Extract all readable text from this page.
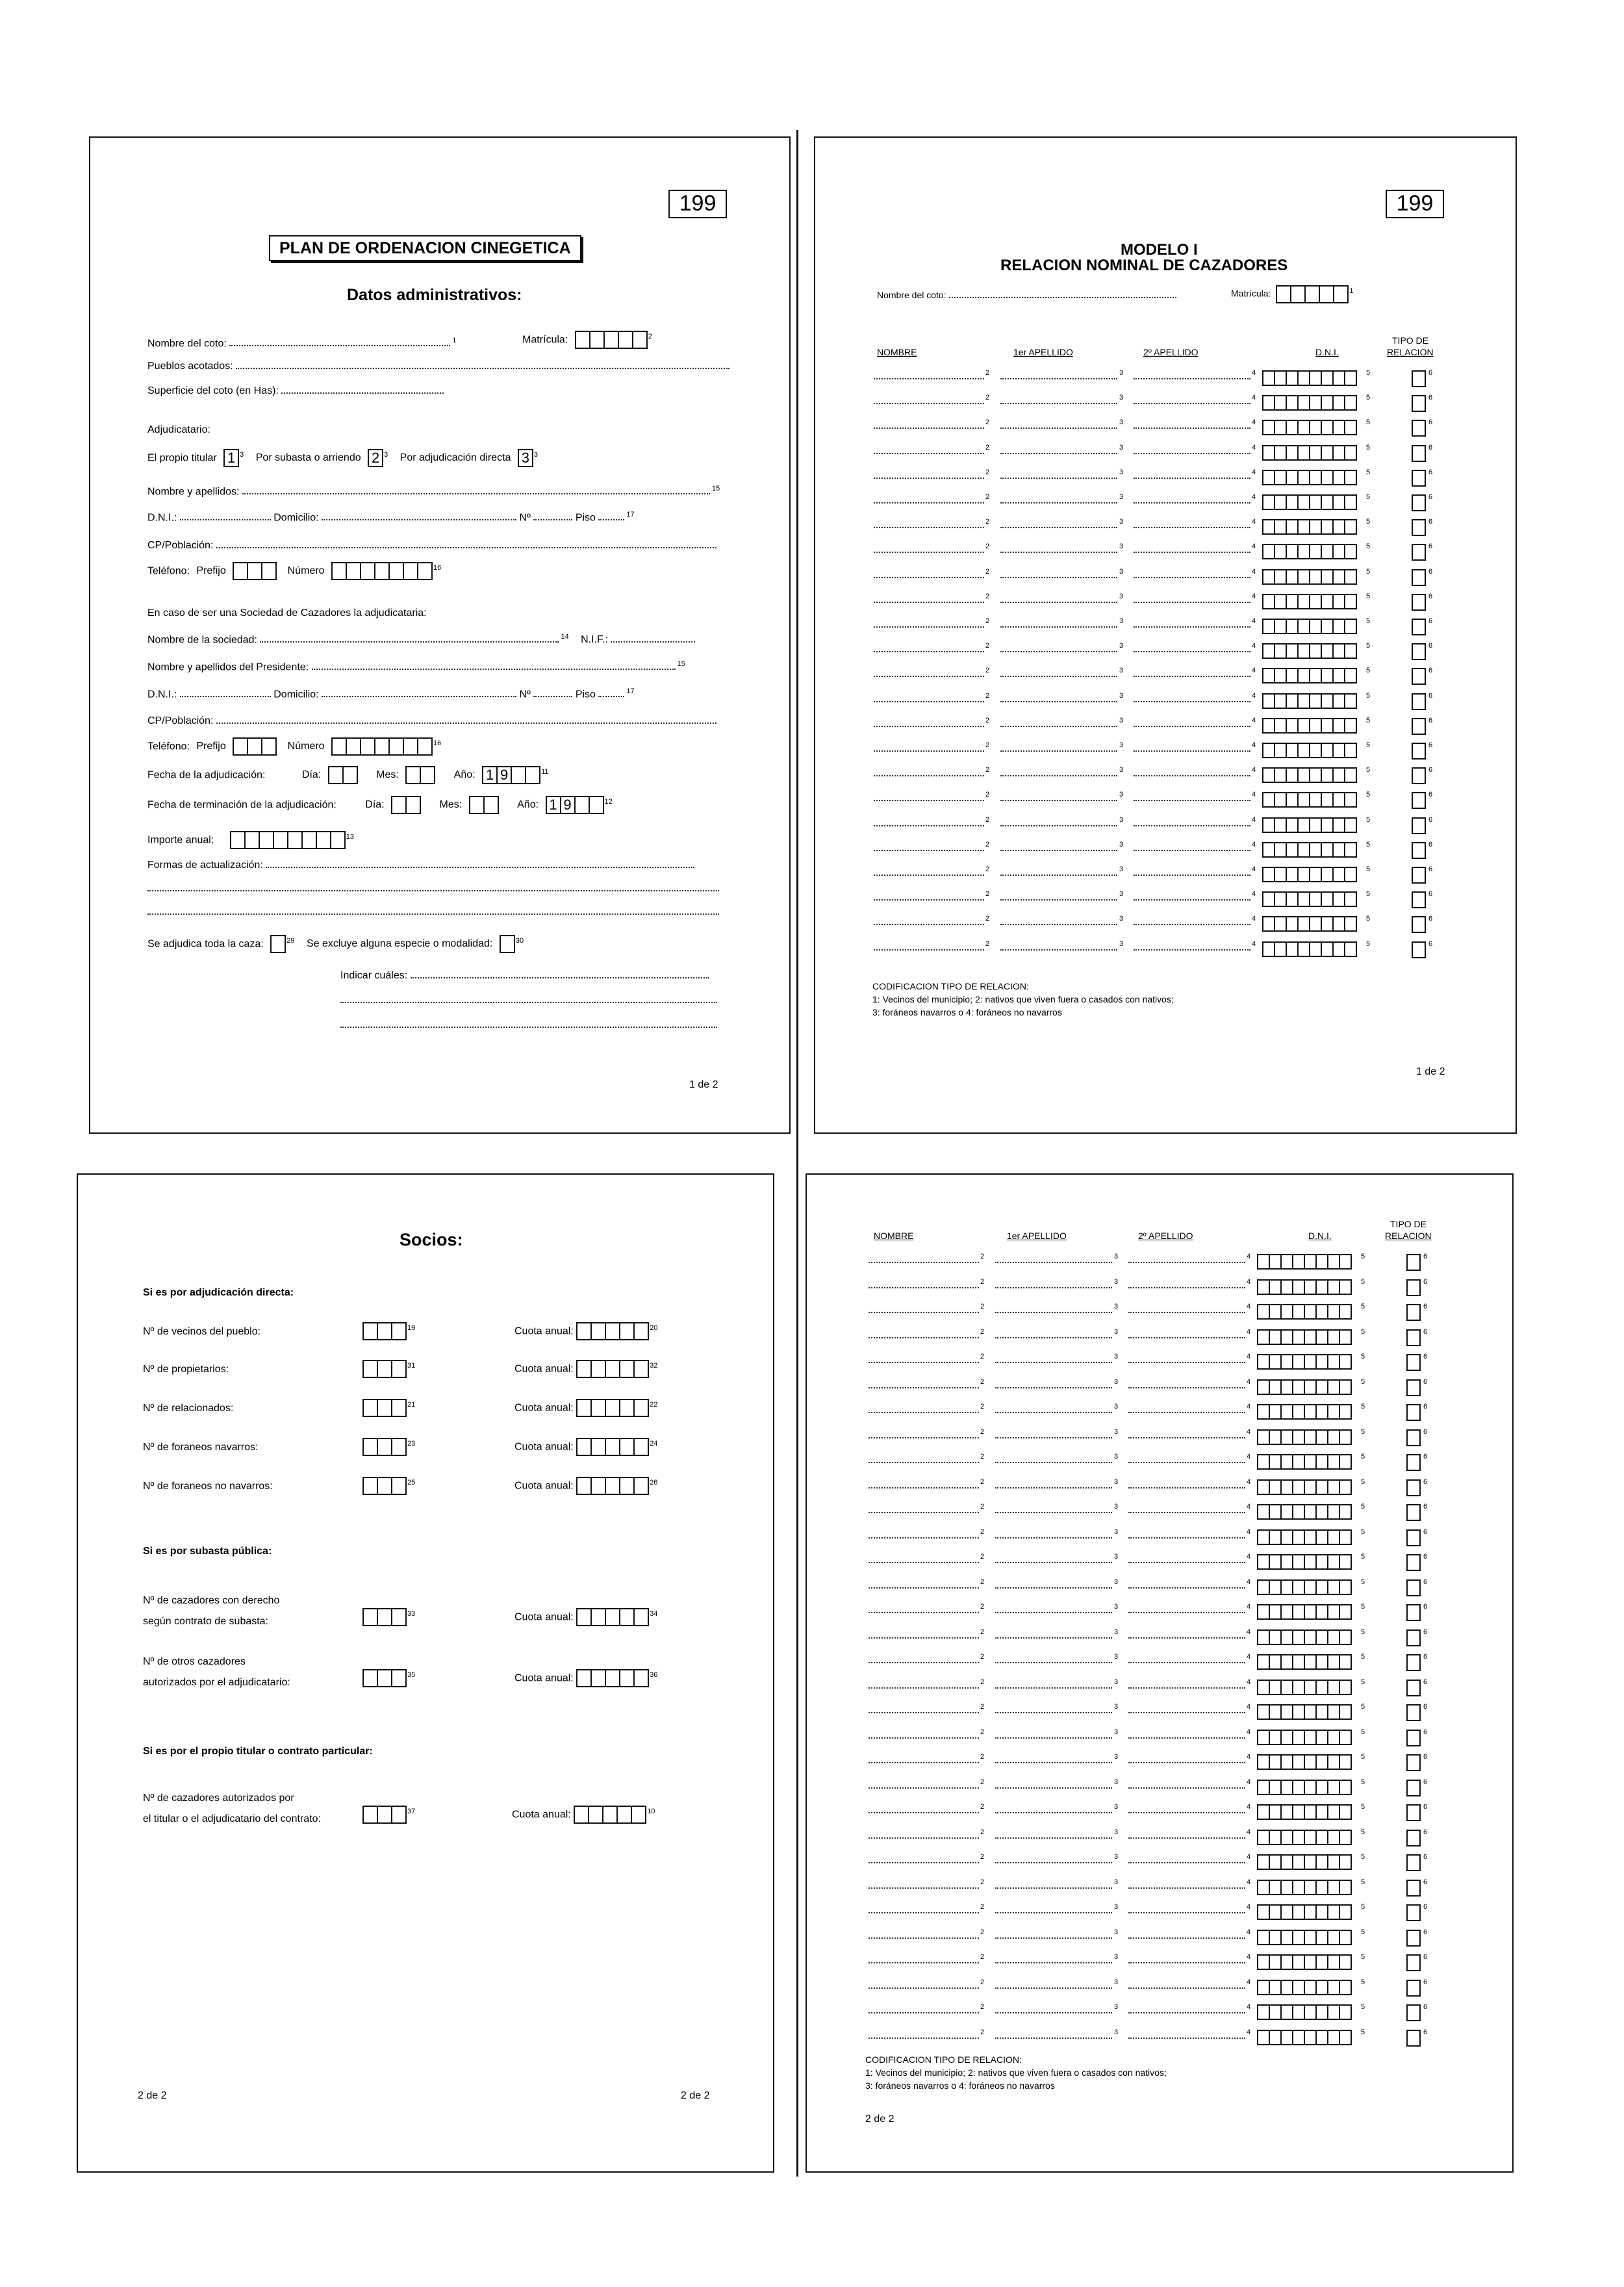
199
PLAN DE ORDENACION CINEGETICA
Datos administrativos:
Nombre del coto:	$^1$	Matrícula:	$^2$
Pueblos acotados:
Superficie del coto (en Has):
Adjudicatario:
El propio titular 1 $^3$ Por subasta o arriendo 2 $^3$ Por adjudicación directa 3 $^3$
Nombre y apellidos:	$^{15}$
D.N.I.:	Domicilio:	Nº	Piso	$^{17}$
CP/Población:
Teléfono: Prefijo	Número	$^{16}$
En caso de ser una Sociedad de Cazadores la adjudicataria:
Nombre de la sociedad:	$^{14}$ N.I.F.:
Nombre y apellidos del Presidente:	$^{15}$
D.N.I.:	Domicilio:	Nº	Piso	$^{17}$
CP/Población:
Teléfono: Prefijo	Número	$^{16}$
Fecha de la adjudicación:	Día:	Mes:	Año: 1 9	$^{11}$
Fecha de terminación de la adjudicación:	Día:	Mes:	Año: 1 9	$^{12}$
Importe anual:	$^{13}$
Formas de actualización:
Se adjudica toda la caza:	$^{29}$ Se excluye alguna especie o modalidad:	$^{30}$
Indicar cuáles:
1 de 2
199
MODELO I
RELACION NOMINAL DE CAZADORES
Nombre del coto:	Matrícula:	$^1$
NOMBRE	1er APELLIDO	2º APELLIDO	D.N.I.
TIPO DE
RELACION
2	3	4	5	6
2	3	4	5	6
2	3	4	5	6
2	3	4	5	6
2	3	4	5	6
2	3	4	5	6
2	3	4	5	6
2	3	4	5	6
2	3	4	5	6
2	3	4	5	6
2	3	4	5	6
2	3	4	5	6
2	3	4	5	6
2	3	4	5	6
2	3	4	5	6
2	3	4	5	6
2	3	4	5	6
2	3	4	5	6
2	3	4	5	6
2	3	4	5	6
2	3	4	5	6
2	3	4	5	6
2	3	4	5	6
2	3	4	5	6
CODIFICACION TIPO DE RELACION:
1: Vecinos del municipio; 2: nativos que viven fuera o casados con nativos;
3: foráneos navarros o 4: foráneos no navarros
1 de 2
Socios:
Si es por adjudicación directa:
Nº de vecinos del pueblo:	$^{19}$	Cuota anual:	$^{20}$
Nº de propietarios:	$^{31}$	Cuota anual:	$^{32}$
Nº de relacionados:	$^{21}$	Cuota anual:	$^{22}$
Nº de foraneos navarros:	$^{23}$	Cuota anual:	$^{24}$
Nº de foraneos no navarros:	$^{25}$	Cuota anual:	$^{26}$
Si es por subasta pública:
Nº de cazadores con derecho
según contrato de subasta:
$^{33}$	Cuota anual:	$^{34}$
Nº de otros cazadores
autorizados por el adjudicatario:
$^{35}$	Cuota anual:	$^{36}$
Si es por el propio titular o contrato particular:
Nº de cazadores autorizados por
el titular o el adjudicatario del contrato:
$^{37}$	Cuota anual:	$^{10}$
2 de 2	2 de 2
NOMBRE	1er APELLIDO	2º APELLIDO	D.N.I.
TIPO DE
RELACION
2	3	4	5	6
2	3	4	5	6
2	3	4	5	6
2	3	4	5	6
2	3	4	5	6
2	3	4	5	6
2	3	4	5	6
2	3	4	5	6
2	3	4	5	6
2	3	4	5	6
2	3	4	5	6
2	3	4	5	6
2	3	4	5	6
2	3	4	5	6
2	3	4	5	6
2	3	4	5	6
2	3	4	5	6
2	3	4	5	6
2	3	4	5	6
2	3	4	5	6
2	3	4	5	6
2	3	4	5	6
2	3	4	5	6
2	3	4	5	6
2	3	4	5	6
2	3	4	5	6
2	3	4	5	6
2	3	4	5	6
2	3	4	5	6
2	3	4	5	6
2	3	4	5	6
2	3	4	5	6
CODIFICACION TIPO DE RELACION:
1: Vecinos del municipio; 2: nativos que viven fuera o casados con nativos;
3: foráneos navarros o 4: foráneos no navarros
2 de 2
